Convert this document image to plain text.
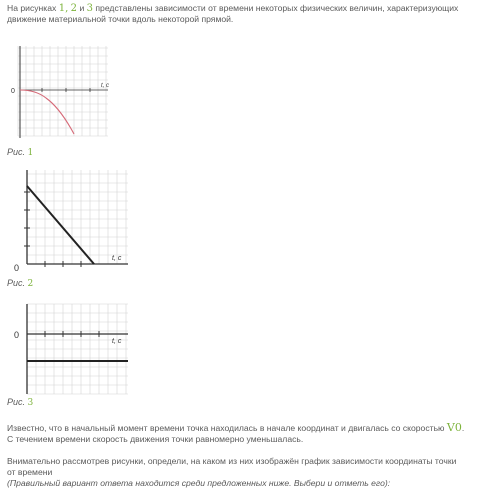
На рисунках 1, 2 и 3 представлены зависимости от времени некоторых физических величин, характеризующих
движение материальной точки вдоль некоторой прямой.
0
t, c
Рис. 1
0
t, c
Рис. 2
0
t, c
Рис. 3
Известно, что в начальный момент времени точка находилась в начале координат и двигалась со скоростью V0.
С течением времени скорость движения точки равномерно уменьшалась.
Внимательно рассмотрев рисунки, определи, на каком из них изображён график зависимости координаты точки
от времени
(Правильный вариант ответа находится среди предложенных ниже. Выбери и отметь его):
